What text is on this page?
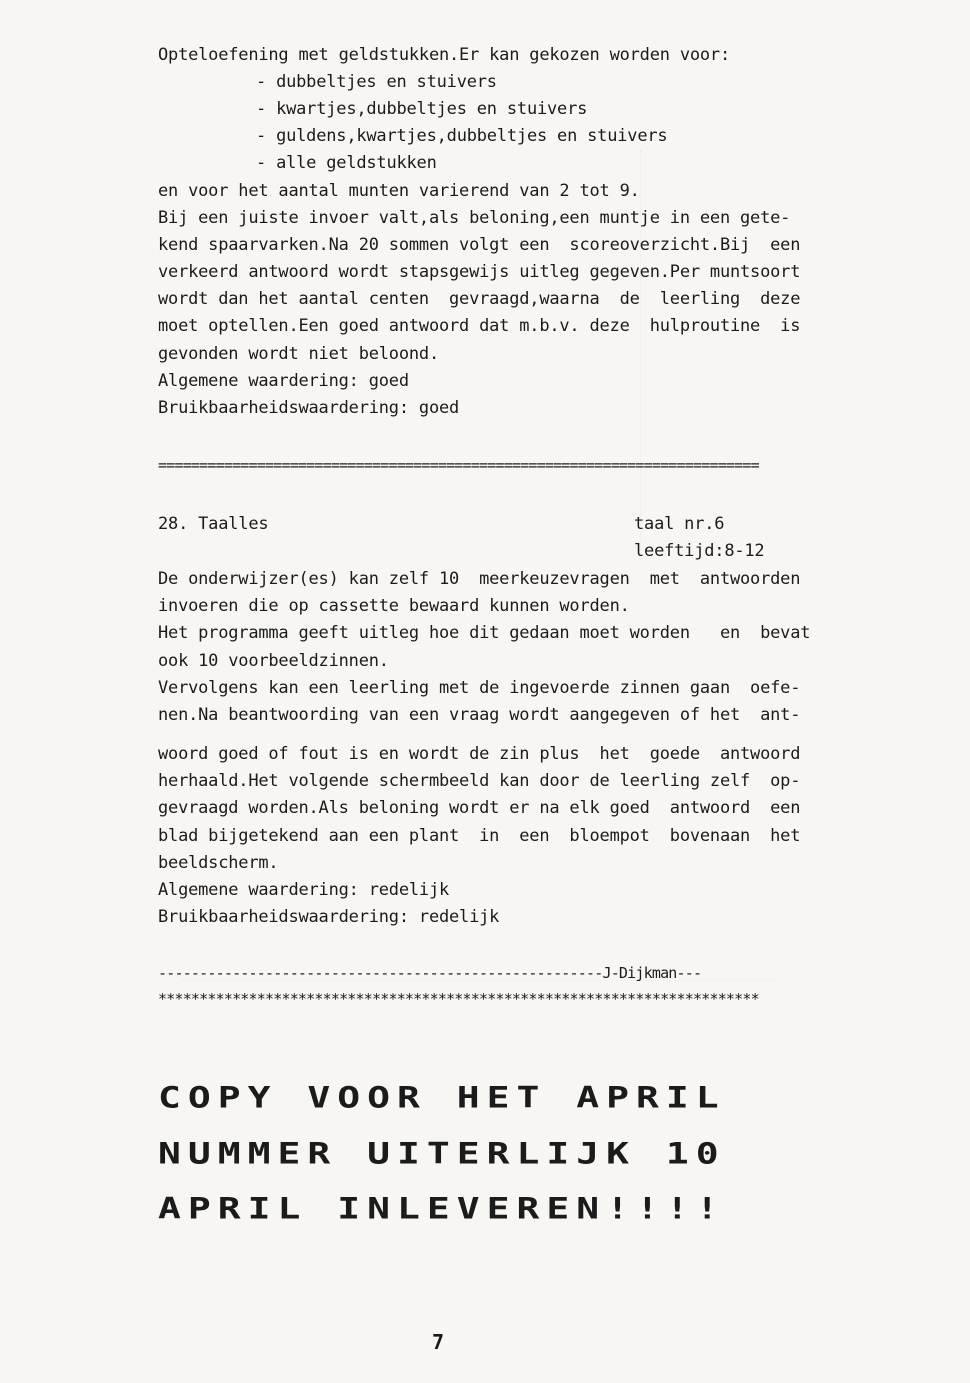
Opteloefening met geldstukken.Er kan gekozen worden voor:
- dubbeltjes en stuivers
- kwartjes,dubbeltjes en stuivers
- guldens,kwartjes,dubbeltjes en stuivers
- alle geldstukken
en voor het aantal munten varierend van 2 tot 9.
Bij een juiste invoer valt,als beloning,een muntje in een gete-
kend spaarvarken.Na 20 sommen volgt een  scoreoverzicht.Bij  een
verkeerd antwoord wordt stapsgewijs uitleg gegeven.Per muntsoort
wordt dan het aantal centen  gevraagd,waarna  de  leerling  deze
moet optellen.Een goed antwoord dat m.b.v. deze  hulproutine  is
gevonden wordt niet beloond.
Algemene waardering: goed
Bruikbaarheidswaardering: goed
=========================================================================
28. Taalles	taal nr.6
leeftijd:8-12
De onderwijzer(es) kan zelf 10  meerkeuzevragen  met  antwoorden
invoeren die op cassette bewaard kunnen worden.
Het programma geeft uitleg hoe dit gedaan moet worden   en  bevat
ook 10 voorbeeldzinnen.
Vervolgens kan een leerling met de ingevoerde zinnen gaan  oefe-
nen.Na beantwoording van een vraag wordt aangegeven of het  ant-
woord goed of fout is en wordt de zin plus  het  goede  antwoord
herhaald.Het volgende schermbeeld kan door de leerling zelf  op-
gevraagd worden.Als beloning wordt er na elk goed  antwoord  een
blad bijgetekend aan een plant  in  een  bloempot  bovenaan  het
beeldscherm.
Algemene waardering: redelijk
Bruikbaarheidswaardering: redelijk
------------------------------------------------------J-Dijkman---
*************************************************************************
COPY VOOR HET APRIL
NUMMER UITERLIJK 10
APRIL INLEVEREN!!!!
7
